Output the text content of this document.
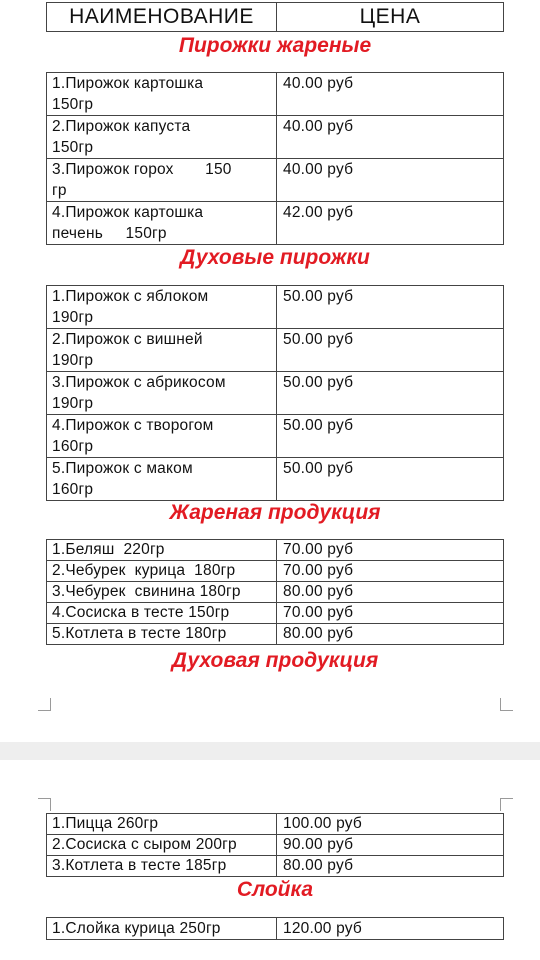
НАИМЕНОВАНИЕ	ЦЕНА
Пирожки жареные
1.Пирожок картошка
150гр	40.00 руб
2.Пирожок капуста
150гр	40.00 руб
3.Пирожок горох       150
гр	40.00 руб
4.Пирожок картошка
печень     150гр	42.00 руб
Духовые пирожки
1.Пирожок с яблоком
190гр	50.00 руб
2.Пирожок с вишней
190гр	50.00 руб
3.Пирожок с абрикосом
190гр	50.00 руб
4.Пирожок с творогом
160гр	50.00 руб
5.Пирожок с маком
160гр	50.00 руб
Жареная продукция
1.Беляш  220гр	70.00 руб
2.Чебурек  курица  180гр	70.00 руб
3.Чебурек  свинина 180гр	80.00 руб
4.Сосиска в тесте 150гр	70.00 руб
5.Котлета в тесте 180гр	80.00 руб
Духовая продукция
1.Пицца 260гр	100.00 руб
2.Сосиска с сыром 200гр	90.00 руб
3.Котлета в тесте 185гр	80.00 руб
Слойка
1.Слойка курица 250гр	120.00 руб
